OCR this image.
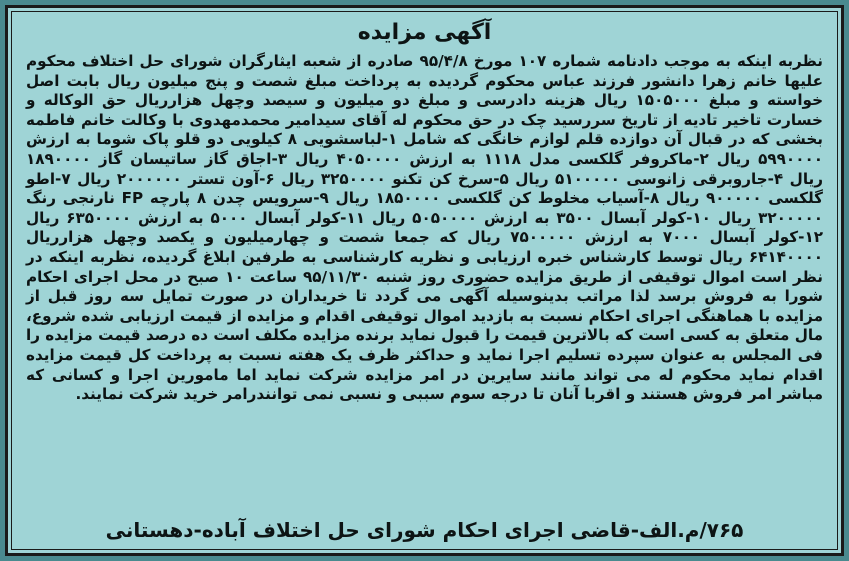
آگهی مزایده

نظربه اینکه به موجب دادنامه شماره ۱۰۷ مورخ ۹۵/۴/۸ صادره از شعبه ایثارگران شورای حل اختلاف محکوم علیها خانم زهرا دانشور فرزند عباس محکوم گردیده به پرداخت مبلغ شصت و پنج میلیون ریال بابت اصل خواسته و مبلغ ۱۵۰۵۰۰۰ ریال هزینه دادرسی و مبلغ دو میلیون و سیصد وچهل هزارریال حق الوکاله و خسارت تاخیر تادیه از تاریخ سررسید چک در حق محکوم له آقای سیدامیر محمدمهدوی با وکالت خانم فاطمه بخشی که در قبال آن دوازده قلم لوازم خانگی که شامل ۱-لباسشویی ۸ کیلویی دو قلو پاک شوما به ارزش ۵۹۹۰۰۰۰ ریال ۲-ماکروفر گلکسی مدل ۱۱۱۸ به ارزش ۴۰۵۰۰۰۰ ریال ۳-اجاق گاز ساتیسان گاز ۱۸۹۰۰۰۰ ریال ۴-جاروبرقی زانوسی ۵۱۰۰۰۰۰ ریال ۵-سرخ کن تکنو ۳۲۵۰۰۰۰ ریال ۶-آون تستر ۲۰۰۰۰۰۰ ریال ۷-اطو گلکسی ۹۰۰۰۰۰ ریال ۸-آسیاب مخلوط کن گلکسی ۱۸۵۰۰۰۰ ریال ۹-سرویس چدن ۸ پارچه FP نارنجی رنگ ۳۲۰۰۰۰۰ ریال ۱۰-کولر آبسال ۳۵۰۰ به ارزش ۵۰۵۰۰۰۰ ریال ۱۱-کولر آبسال ۵۰۰۰ به ارزش ۶۳۵۰۰۰۰ ریال ۱۲-کولر آبسال ۷۰۰۰ به ارزش ۷۵۰۰۰۰۰ ریال که جمعا شصت و چهارمیلیون و یکصد وچهل هزارریال ۶۴۱۴۰۰۰۰ ریال توسط کارشناس خبره ارزیابی و نظریه کارشناسی به طرفین ابلاغ گردیده، نظربه اینکه در نظر است اموال توقیفی از طریق مزایده حضوری روز شنبه ۹۵/۱۱/۳۰ ساعت ۱۰ صبح در محل اجرای احکام شورا به فروش برسد لذا مراتب بدینوسیله آگهی می گردد تا خریداران در صورت تمایل سه روز قبل از مزایده با هماهنگی اجرای احکام نسبت به بازدید اموال توقیفی اقدام و مزایده از قیمت ارزیابی شده شروع، مال متعلق به کسی است که بالاترین قیمت را قبول نماید برنده مزایده مکلف است ده درصد قیمت مزایده را فی المجلس به عنوان سپرده تسلیم اجرا نماید و حداکثر ظرف یک هفته نسبت به پرداخت کل قیمت مزایده اقدام نماید محکوم له می تواند مانند سایرین در امر مزایده شرکت نماید اما مامورین اجرا و کسانی که مباشر امر فروش هستند و اقربا آنان تا درجه سوم سببی و نسبی نمی توانندرامر خرید شرکت نمایند.

۷۶۵/م.الف-قاضی اجرای احکام شورای حل اختلاف آباده-دهستانی
